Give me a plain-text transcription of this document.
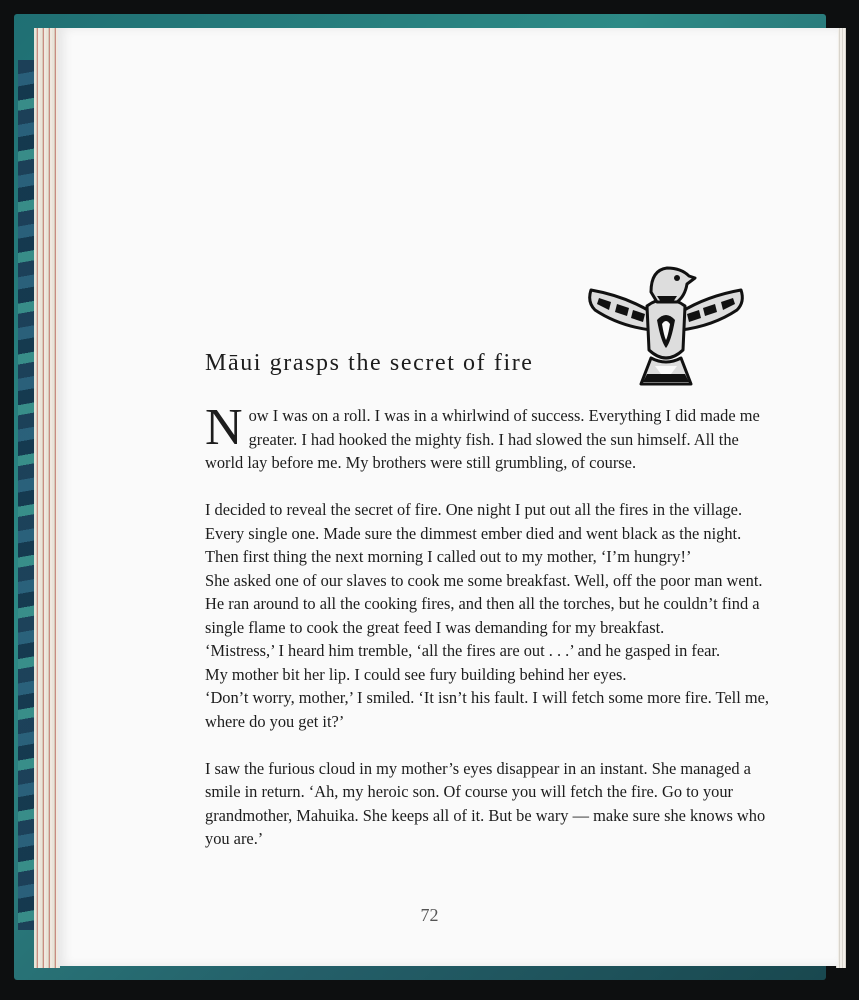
Māui grasps the secret of fire

Now I was on a roll. I was in a whirlwind of success. Everything I did made me greater. I had hooked the mighty fish. I had slowed the sun himself. All the world lay before me. My brothers were still grumbling, of course.

I decided to reveal the secret of fire. One night I put out all the fires in the village. Every single one. Made sure the dimmest ember died and went black as the night. Then first thing the next morning I called out to my mother, ‘I’m hungry!’
She asked one of our slaves to cook me some breakfast. Well, off the poor man went. He ran around to all the cooking fires, and then all the torches, but he couldn’t find a single flame to cook the great feed I was demanding for my breakfast.
‘Mistress,’ I heard him tremble, ‘all the fires are out . . .’ and he gasped in fear.
My mother bit her lip. I could see fury building behind her eyes.
‘Don’t worry, mother,’ I smiled. ‘It isn’t his fault. I will fetch some more fire. Tell me, where do you get it?’

I saw the furious cloud in my mother’s eyes disappear in an instant. She managed a smile in return. ‘Ah, my heroic son. Of course you will fetch the fire. Go to your grandmother, Mahuika. She keeps all of it. But be wary — make sure she knows who you are.’

72
